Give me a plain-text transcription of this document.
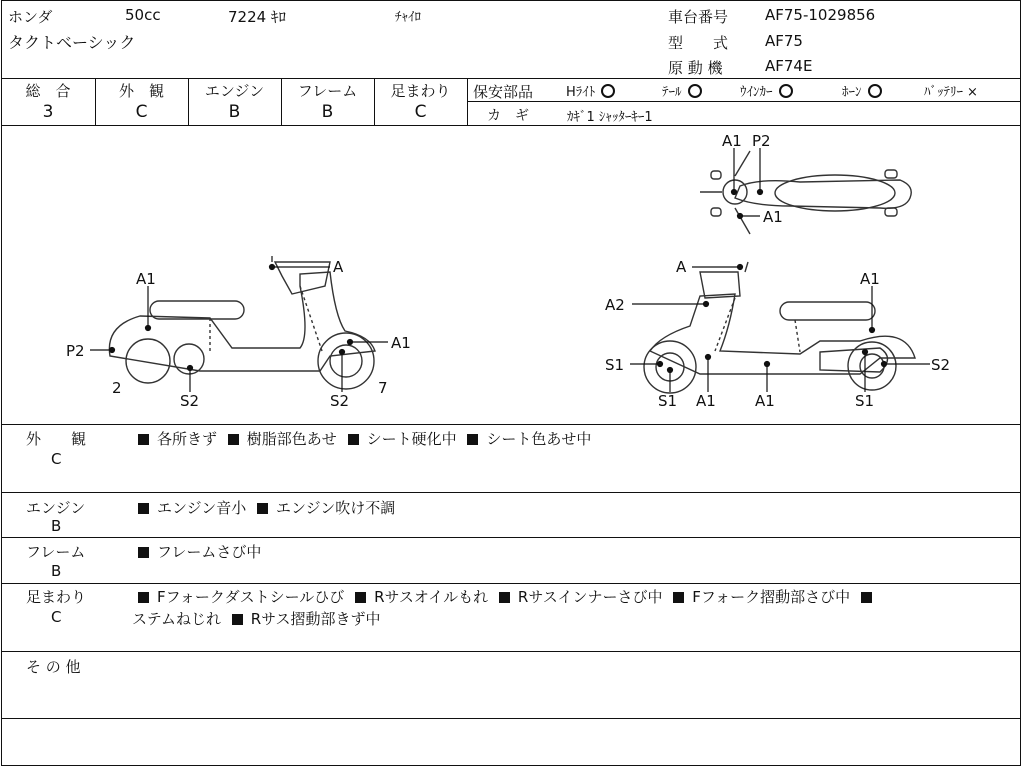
ホンダ	50cc	7224 ｷﾛ	ﾁｬｲﾛ
タクトベーシック
車台番号 AF75-1029856
型　　式 AF75
原 動 機	AF74E
総　合
3
外　観
C
エンジン
B
フレーム
B
足まわり
C
保安部品	Hﾗｲﾄ	ﾃｰﾙ	ｳｲﾝｶｰ	ﾎｰﾝ	ﾊﾞｯﾃﾘｰ ×
カ　ギ	ｶｷﾞ1 ｼｬｯﾀｰｷｰ1
A1 P2
A1
A1
A
P2	A1
2
S2	S2
7
A
A1
A2
S1	S2
S1 A1	A1	S1
外　　観
C
各所きず 樹脂部色あせ シート硬化中 シート色あせ中
エンジン
B
エンジン音小 エンジン吹け不調
フレーム
B
フレームさび中
足まわり
C
Fフォークダストシールひび Rサスオイルもれ Rサスインナーさび中 Fフォーク摺動部さび中
ステムねじれ Rサス摺動部きず中
そ の 他
